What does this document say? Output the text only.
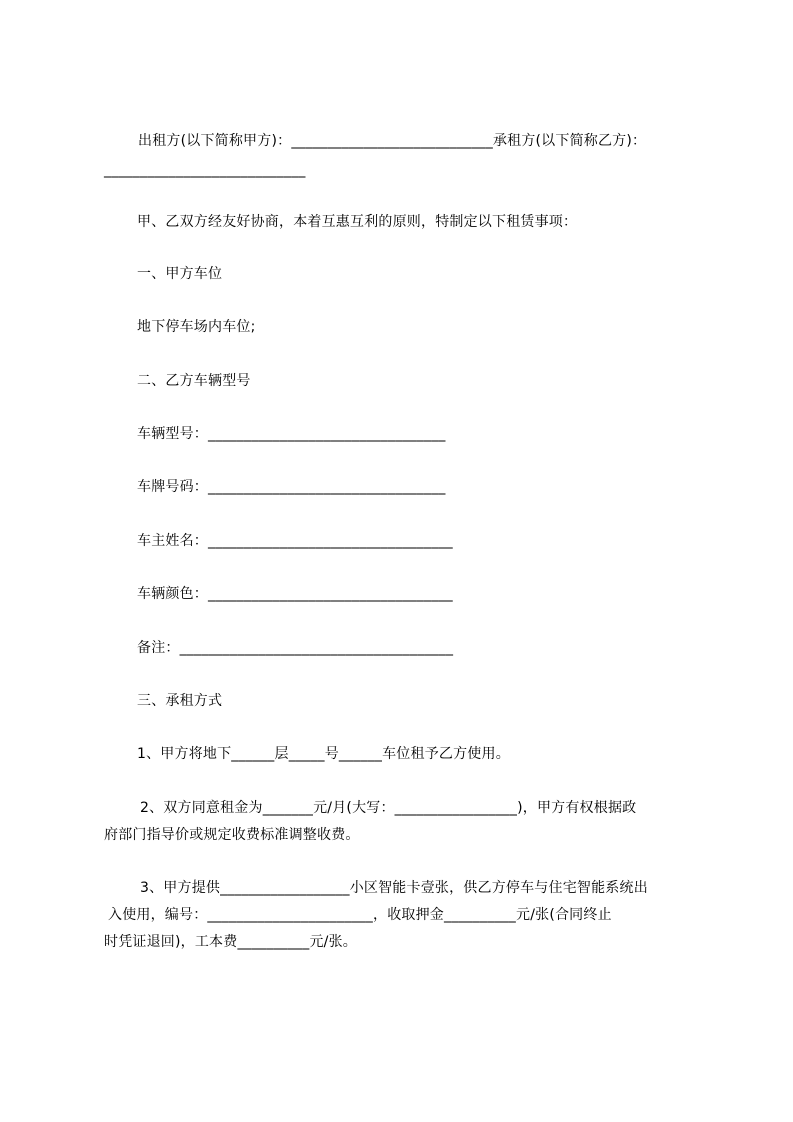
出租方(以下简称甲方)：____________________________承租方(以下简称乙方)：
____________________________
甲、乙双方经友好协商，本着互惠互利的原则，特制定以下租赁事项：
一、甲方车位
地下停车场内车位;
二、乙方车辆型号
车辆型号：_________________________________
车牌号码：_________________________________
车主姓名：__________________________________
车辆颜色：__________________________________
备注：______________________________________
三、承租方式
1、甲方将地下______层_____号______车位租予乙方使用。
2、双方同意租金为_______元/月(大写：_________________)，甲方有权根据政
府部门指导价或规定收费标准调整收费。
3、甲方提供__________________小区智能卡壹张，供乙方停车与住宅智能系统出
入使用，编号：_______________________，收取押金__________元/张(合同终止
时凭证退回)，工本费__________元/张。
